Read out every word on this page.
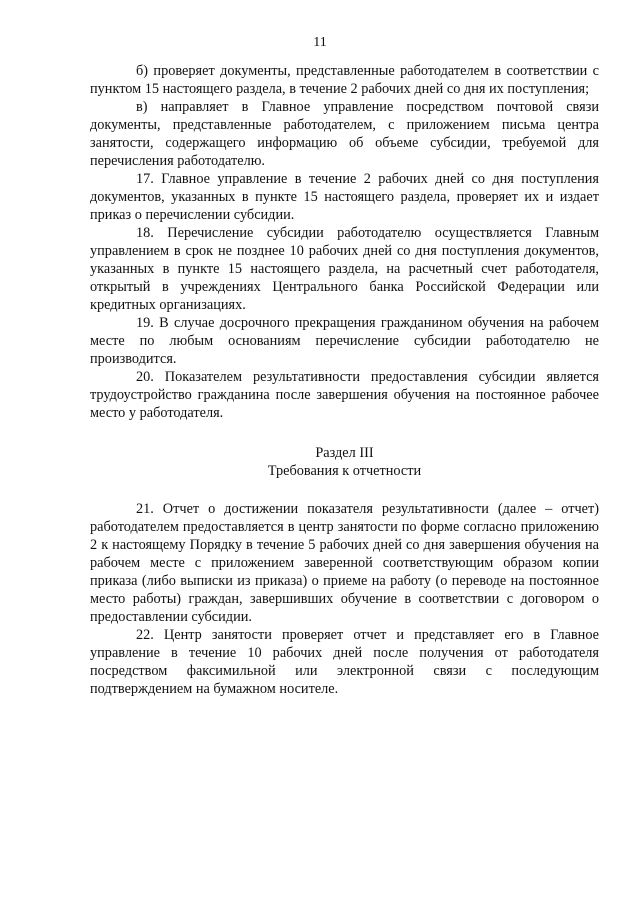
11

б) проверяет документы, представленные работодателем в соответствии с пунктом 15 настоящего раздела, в течение 2 рабочих дней со дня их поступления;

в) направляет в Главное управление посредством почтовой связи документы, представленные работодателем, с приложением письма центра занятости, содержащего информацию об объеме субсидии, требуемой для перечисления работодателю.

17. Главное управление в течение 2 рабочих дней со дня поступления документов, указанных в пункте 15 настоящего раздела, проверяет их и издает приказ о перечислении субсидии.

18. Перечисление субсидии работодателю осуществляется Главным управлением в срок не позднее 10 рабочих дней со дня поступления документов, указанных в пункте 15 настоящего раздела, на расчетный счет работодателя, открытый в учреждениях Центрального банка Российской Федерации или кредитных организациях.

19. В случае досрочного прекращения гражданином обучения на рабочем месте по любым основаниям перечисление субсидии работодателю не производится.

20. Показателем результативности предоставления субсидии является трудоустройство гражданина после завершения обучения на постоянное рабочее место у работодателя.

Раздел III

Требования к отчетности

21. Отчет о достижении показателя результативности (далее – отчет) работодателем предоставляется в центр занятости по форме согласно приложению 2 к настоящему Порядку в течение 5 рабочих дней со дня завершения обучения на рабочем месте с приложением заверенной соответствующим образом копии приказа (либо выписки из приказа) о приеме на работу (о переводе на постоянное место работы) граждан, завершивших обучение в соответствии с договором о предоставлении субсидии.

22. Центр занятости проверяет отчет и представляет его в Главное управление в течение 10 рабочих дней после получения от работодателя посредством факсимильной или электронной связи с последующим подтверждением на бумажном носителе.
